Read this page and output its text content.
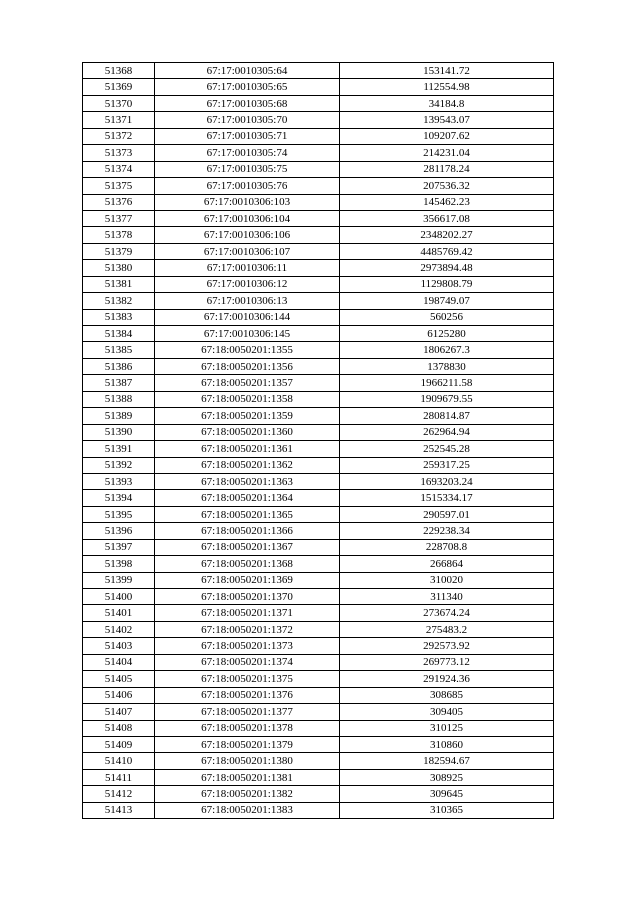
51368	67:17:0010305:64	153141.72
51369	67:17:0010305:65	112554.98
51370	67:17:0010305:68	34184.8
51371	67:17:0010305:70	139543.07
51372	67:17:0010305:71	109207.62
51373	67:17:0010305:74	214231.04
51374	67:17:0010305:75	281178.24
51375	67:17:0010305:76	207536.32
51376	67:17:0010306:103	145462.23
51377	67:17:0010306:104	356617.08
51378	67:17:0010306:106	2348202.27
51379	67:17:0010306:107	4485769.42
51380	67:17:0010306:11	2973894.48
51381	67:17:0010306:12	1129808.79
51382	67:17:0010306:13	198749.07
51383	67:17:0010306:144	560256
51384	67:17:0010306:145	6125280
51385	67:18:0050201:1355	1806267.3
51386	67:18:0050201:1356	1378830
51387	67:18:0050201:1357	1966211.58
51388	67:18:0050201:1358	1909679.55
51389	67:18:0050201:1359	280814.87
51390	67:18:0050201:1360	262964.94
51391	67:18:0050201:1361	252545.28
51392	67:18:0050201:1362	259317.25
51393	67:18:0050201:1363	1693203.24
51394	67:18:0050201:1364	1515334.17
51395	67:18:0050201:1365	290597.01
51396	67:18:0050201:1366	229238.34
51397	67:18:0050201:1367	228708.8
51398	67:18:0050201:1368	266864
51399	67:18:0050201:1369	310020
51400	67:18:0050201:1370	311340
51401	67:18:0050201:1371	273674.24
51402	67:18:0050201:1372	275483.2
51403	67:18:0050201:1373	292573.92
51404	67:18:0050201:1374	269773.12
51405	67:18:0050201:1375	291924.36
51406	67:18:0050201:1376	308685
51407	67:18:0050201:1377	309405
51408	67:18:0050201:1378	310125
51409	67:18:0050201:1379	310860
51410	67:18:0050201:1380	182594.67
51411	67:18:0050201:1381	308925
51412	67:18:0050201:1382	309645
51413	67:18:0050201:1383	310365
